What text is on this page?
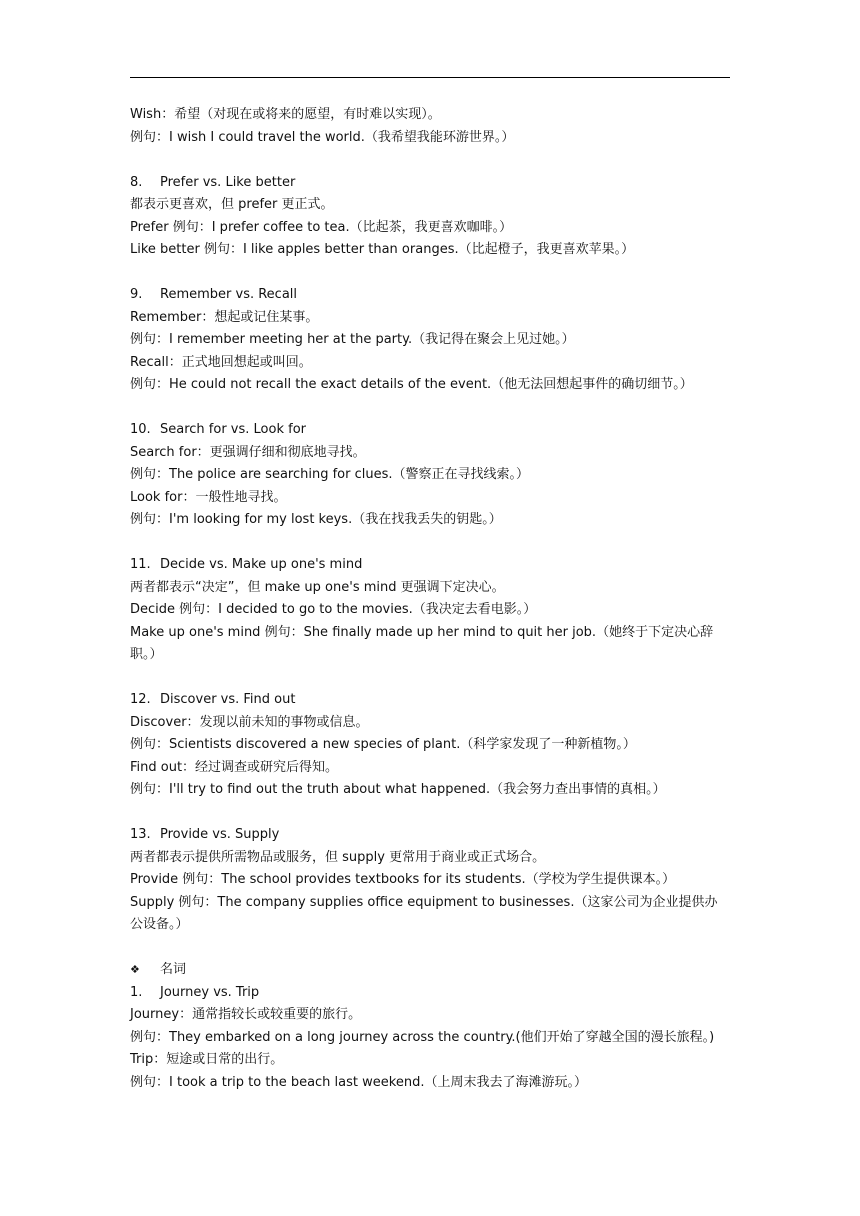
Wish：希望（对现在或将来的愿望，有时难以实现）。
例句：I wish I could travel the world.（我希望我能环游世界。）
8.	Prefer vs. Like better
都表示更喜欢，但 prefer 更正式。
Prefer 例句：I prefer coffee to tea.（比起茶，我更喜欢咖啡。）
Like better 例句：I like apples better than oranges.（比起橙子，我更喜欢苹果。）
9.	Remember vs. Recall
Remember：想起或记住某事。
例句：I remember meeting her at the party.（我记得在聚会上见过她。）
Recall：正式地回想起或叫回。
例句：He could not recall the exact details of the event.（他无法回想起事件的确切细节。）
10. Search for vs. Look for
Search for：更强调仔细和彻底地寻找。
例句：The police are searching for clues.（警察正在寻找线索。）
Look for：一般性地寻找。
例句：I'm looking for my lost keys.（我在找我丢失的钥匙。）
11. Decide vs. Make up one's mind
两者都表示“决定”，但 make up one's mind 更强调下定决心。
Decide 例句：I decided to go to the movies.（我决定去看电影。）
Make up one's mind 例句：She finally made up her mind to quit her job.（她终于下定决心辞
职。）
12. Discover vs. Find out
Discover：发现以前未知的事物或信息。
例句：Scientists discovered a new species of plant.（科学家发现了一种新植物。）
Find out：经过调查或研究后得知。
例句：I'll try to find out the truth about what happened.（我会努力查出事情的真相。）
13. Provide vs. Supply
两者都表示提供所需物品或服务，但 supply 更常用于商业或正式场合。
Provide 例句：The school provides textbooks for its students.（学校为学生提供课本。）
Supply 例句：The company supplies office equipment to businesses.（这家公司为企业提供办
公设备。）
❖	名词
1.	Journey vs. Trip
Journey：通常指较长或较重要的旅行。
例句：They embarked on a long journey across the country.(他们开始了穿越全国的漫长旅程。)
Trip：短途或日常的出行。
例句：I took a trip to the beach last weekend.（上周末我去了海滩游玩。）
